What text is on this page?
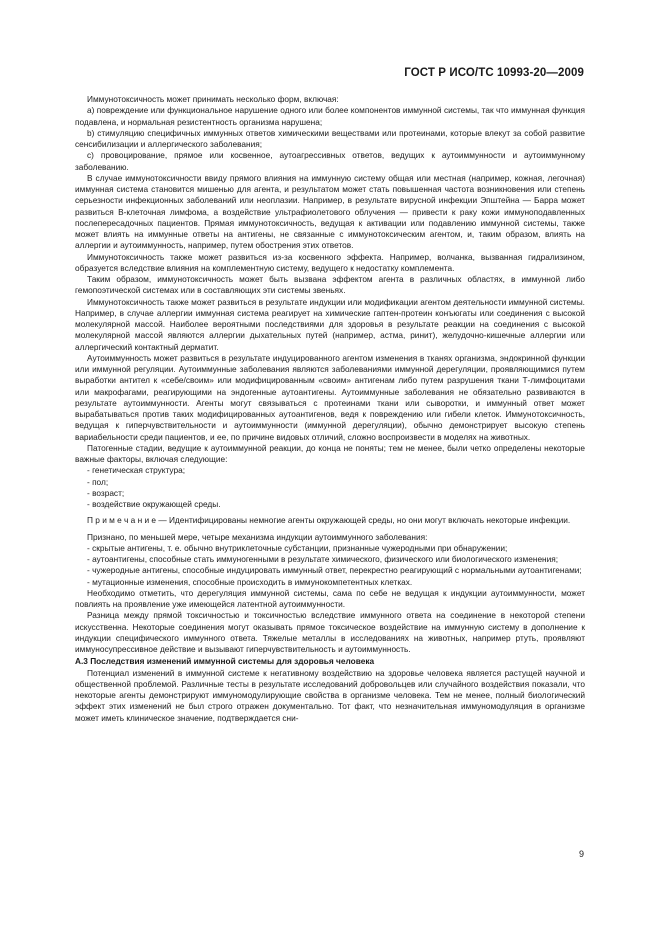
ГОСТ Р ИСО/ТС 10993-20—2009

Иммунотоксичность может принимать несколько форм, включая:

a) повреждение или функциональное нарушение одного или более компонентов иммунной системы, так что иммунная функция подавлена, и нормальная резистентность организма нарушена;

b) стимуляцию специфичных иммунных ответов химическими веществами или протеинами, которые влекут за собой развитие сенсибилизации и аллергического заболевания;

c) провоцирование, прямое или косвенное, аутоагрессивных ответов, ведущих к аутоиммунности и аутоиммунному заболеванию.

В случае иммунотоксичности ввиду прямого влияния на иммунную систему общая или местная (например, кожная, легочная) иммунная система становится мишенью для агента, и результатом может стать повышенная частота возникновения или степень серьезности инфекционных заболеваний или неоплазии. Например, в результате вирусной инфекции Эпштейна — Барра может развиться В-клеточная лимфома, а воздействие ультрафиолетового облучения — привести к раку кожи иммуноподавленных послепересадочных пациентов. Прямая иммунотоксичность, ведущая к активации или подавлению иммунной системы, также может влиять на иммунные ответы на антигены, не связанные с иммунотоксическим агентом, и, таким образом, влиять на аллергии и аутоиммунность, например, путем обострения этих ответов.

Иммунотоксичность также может развиться из-за косвенного эффекта. Например, волчанка, вызванная гидрализином, образуется вследствие влияния на комплементную систему, ведущего к недостатку комплемента.

Таким образом, иммунотоксичность может быть вызвана эффектом агента в различных областях, в иммунной либо гемопоэтической системах или в составляющих эти системы звеньях.

Иммунотоксичность также может развиться в результате индукции или модификации агентом деятельности иммунной системы. Например, в случае аллергии иммунная система реагирует на химические гаптен-протеин конъюгаты или соединения с высокой молекулярной массой. Наиболее вероятными последствиями для здоровья в результате реакции на соединения с высокой молекулярной массой являются аллергии дыхательных путей (например, астма, ринит), желудочно-кишечные аллергии или аллергический контактный дерматит.

Аутоиммунность может развиться в результате индуцированного агентом изменения в тканях организма, эндокринной функции или иммунной регуляции. Аутоиммунные заболевания являются заболеваниями иммунной дерегуляции, проявляющимися путем выработки антител к «себе/своим» или модифицированным «своим» антигенам либо путем разрушения ткани Т-лимфоцитами или макрофагами, реагирующими на эндогенные аутоантигены. Аутоиммунные заболевания не обязательно развиваются в результате аутоиммунности. Агенты могут связываться с протеинами ткани или сыворотки, и иммунный ответ может вырабатываться против таких модифицированных аутоантигенов, ведя к повреждению или гибели клеток. Иммунотоксичность, ведущая к гиперчувствительности и аутоиммунности (иммунной дерегуляции), обычно демонстрирует высокую степень вариабельности среди пациентов, и ее, по причине видовых отличий, сложно воспроизвести в моделях на животных.

Патогенные стадии, ведущие к аутоиммунной реакции, до конца не поняты; тем не менее, были четко определены некоторые важные факторы, включая следующие:

- генетическая структура;

- пол;

- возраст;

- воздействие окружающей среды.

П р и м е ч а н и е — Идентифицированы немногие агенты окружающей среды, но они могут включать некоторые инфекции.

Признано, по меньшей мере, четыре механизма индукции аутоиммунного заболевания:

- скрытые антигены, т. е. обычно внутриклеточные субстанции, признанные чужеродными при обнаружении;

- аутоантигены, способные стать иммуногенными в результате химического, физического или биологического изменения;

- чужеродные антигены, способные индуцировать иммунный ответ, перекрестно реагирующий с нормальными аутоантигенами;

- мутационные изменения, способные происходить в иммунокомпетентных клетках.

Необходимо отметить, что дерегуляция иммунной системы, сама по себе не ведущая к индукции аутоиммунности, может повлиять на проявление уже имеющейся латентной аутоиммунности.

Разница между прямой токсичностью и токсичностью вследствие иммунного ответа на соединение в некоторой степени искусственна. Некоторые соединения могут оказывать прямое токсическое воздействие на иммунную систему в дополнение к индукции специфического иммунного ответа. Тяжелые металлы в исследованиях на животных, например ртуть, проявляют иммуносупрессивное действие и вызывают гиперчувствительность и аутоиммунность.

А.3 Последствия изменений иммунной системы для здоровья человека

Потенциал изменений в иммунной системе к негативному воздействию на здоровье человека является растущей научной и общественной проблемой. Различные тесты в результате исследований добровольцев или случайного воздействия показали, что некоторые агенты демонстрируют иммуномодулирующие свойства в организме человека. Тем не менее, полный биологический эффект этих изменений не был строго отражен документально. Тот факт, что незначительная иммуномодуляция в организме может иметь клиническое значение, подтверждается сни-

9
